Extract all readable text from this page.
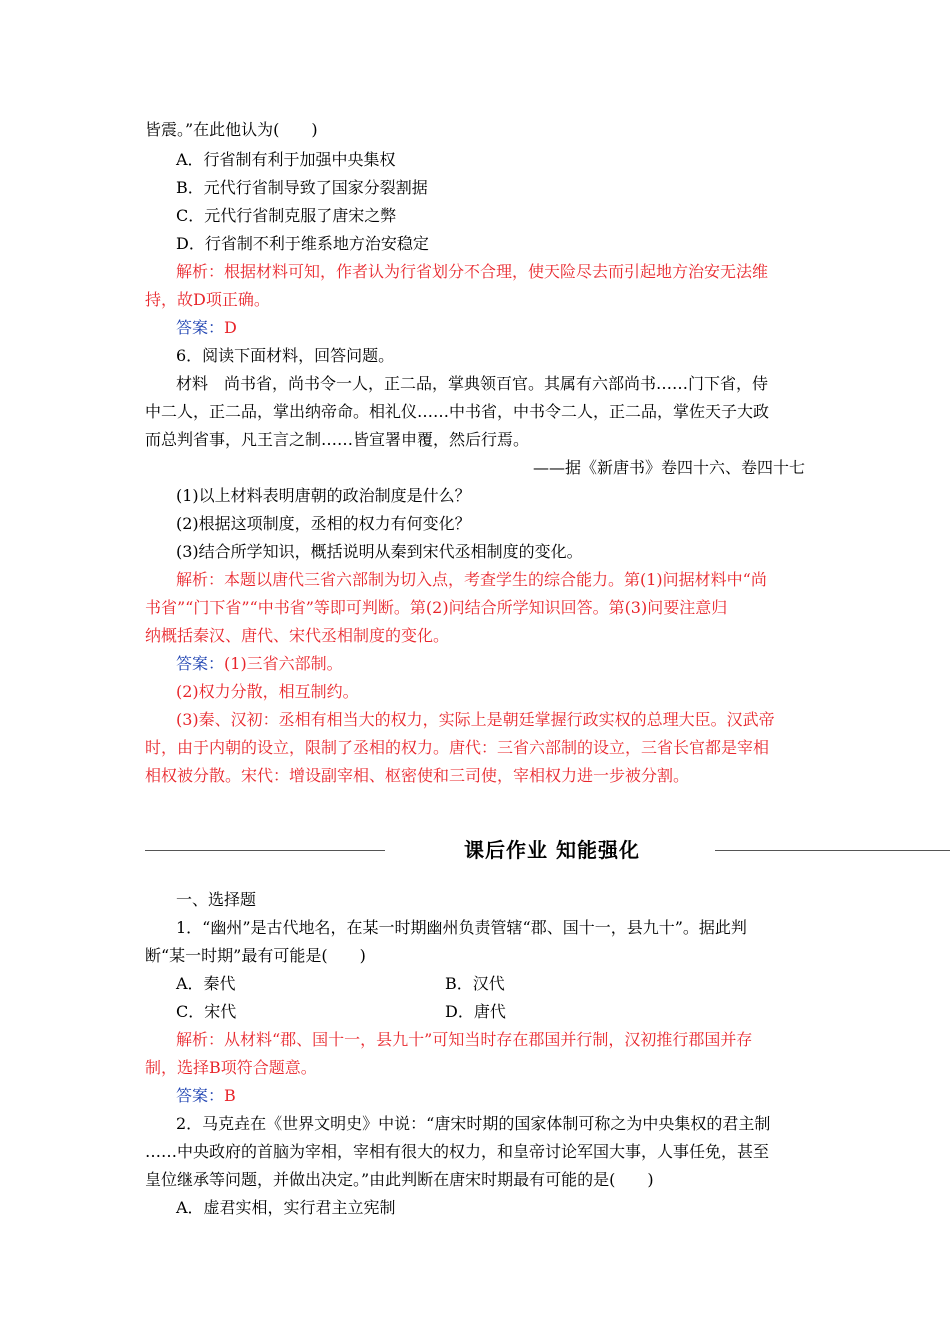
皆震。”在此他认为(　　)
A．行省制有利于加强中央集权
B．元代行省制导致了国家分裂割据
C．元代行省制克服了唐宋之弊
D．行省制不利于维系地方治安稳定
解析：根据材料可知，作者认为行省划分不合理，使天险尽去而引起地方治安无法维
持，故D项正确。
答案：D
6．阅读下面材料，回答问题。
材料　尚书省，尚书令一人，正二品，掌典领百官。其属有六部尚书……门下省，侍
中二人，正二品，掌出纳帝命。相礼仪……中书省，中书令二人，正二品，掌佐天子大政
而总判省事，凡王言之制……皆宣署申覆，然后行焉。
——据《新唐书》卷四十六、卷四十七
(1)以上材料表明唐朝的政治制度是什么？
(2)根据这项制度，丞相的权力有何变化？
(3)结合所学知识，概括说明从秦到宋代丞相制度的变化。
解析：本题以唐代三省六部制为切入点，考查学生的综合能力。第(1)问据材料中“尚
书省”“门下省”“中书省”等即可判断。第(2)问结合所学知识回答。第(3)问要注意归
纳概括秦汉、唐代、宋代丞相制度的变化。
答案：(1)三省六部制。
(2)权力分散，相互制约。
(3)秦、汉初：丞相有相当大的权力，实际上是朝廷掌握行政实权的总理大臣。汉武帝
时，由于内朝的设立，限制了丞相的权力。唐代：三省六部制的设立，三省长官都是宰相
相权被分散。宋代：增设副宰相、枢密使和三司使，宰相权力进一步被分割。
课后作业 知能强化
一、选择题
1．“幽州”是古代地名，在某一时期幽州负责管辖“郡、国十一，县九十”。据此判
断“某一时期”最有可能是(　　)
A．秦代	B．汉代
C．宋代	D．唐代
解析：从材料“郡、国十一，县九十”可知当时存在郡国并行制，汉初推行郡国并存
制，选择B项符合题意。
答案：B
2．马克垚在《世界文明史》中说：“唐宋时期的国家体制可称之为中央集权的君主制
……中央政府的首脑为宰相，宰相有很大的权力，和皇帝讨论军国大事，人事任免，甚至
皇位继承等问题，并做出决定。”由此判断在唐宋时期最有可能的是(　　)
A．虚君实相，实行君主立宪制
